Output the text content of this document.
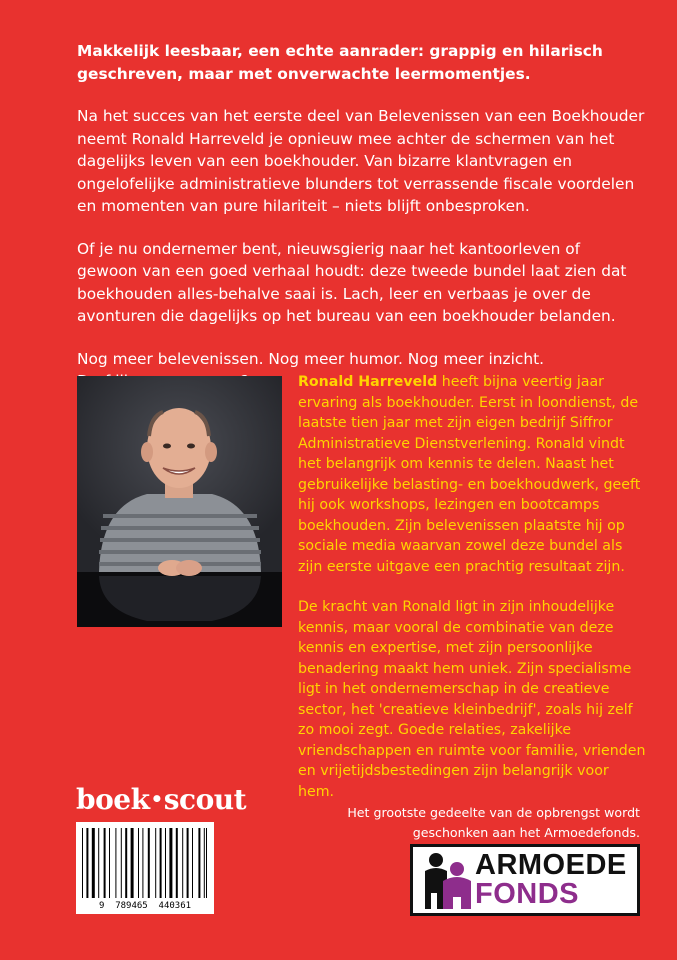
Makkelijk leesbaar, een echte aanrader: grappig en hilarisch geschreven, maar met onverwachte leermomentjes.

Na het succes van het eerste deel van Belevenissen van een Boekhouder neemt Ronald Harreveld je opnieuw mee achter de schermen van het dagelijks leven van een boekhouder. Van bizarre klantvragen en ongelofelijke administratieve blunders tot verrassende fiscale voordelen en momenten van pure hilariteit – niets blijft onbesproken.

Of je nu ondernemer bent, nieuwsgierig naar het kantoorleven of gewoon van een goed verhaal houdt: deze tweede bundel laat zien dat boekhouden alles-behalve saai is. Lach, leer en verbaas je over de avonturen die dagelijks op het bureau van een boekhouder belanden.

Nog meer belevenissen. Nog meer humor. Nog meer inzicht.

Ronald Harreveld heeft bijna veertig jaar ervaring als boekhouder. Eerst in loondienst, de laatste tien jaar met zijn eigen bedrijf Siffror Administratieve Dienstverlening. Ronald vindt het belangrijk om kennis te delen. Naast het gebruikelijke belasting- en boekhoudwerk, geeft hij ook workshops, lezingen en bootcamps boekhouden. Zijn belevenissen plaatste hij op sociale media waarvan zowel deze bundel als zijn eerste uitgave een prachtig resultaat zijn.

De kracht van Ronald ligt in zijn inhoudelijke kennis, maar vooral de combinatie van deze kennis en expertise, met zijn persoonlijke benadering maakt hem uniek. Zijn specialisme ligt in het ondernemerschap in de creatieve sector, het 'creatieve kleinbedrijf', zoals hij zelf zo mooi zegt. Goede relaties, zakelijke vriendschappen en ruimte voor familie, vrienden en vrijetijdsbestedingen zijn belangrijk voor hem.

boek•scout
9  789465  440361
Het grootste gedeelte van de opbrengst wordt
geschonken aan het Armoedefonds.
ARMOEDE
FONDS
